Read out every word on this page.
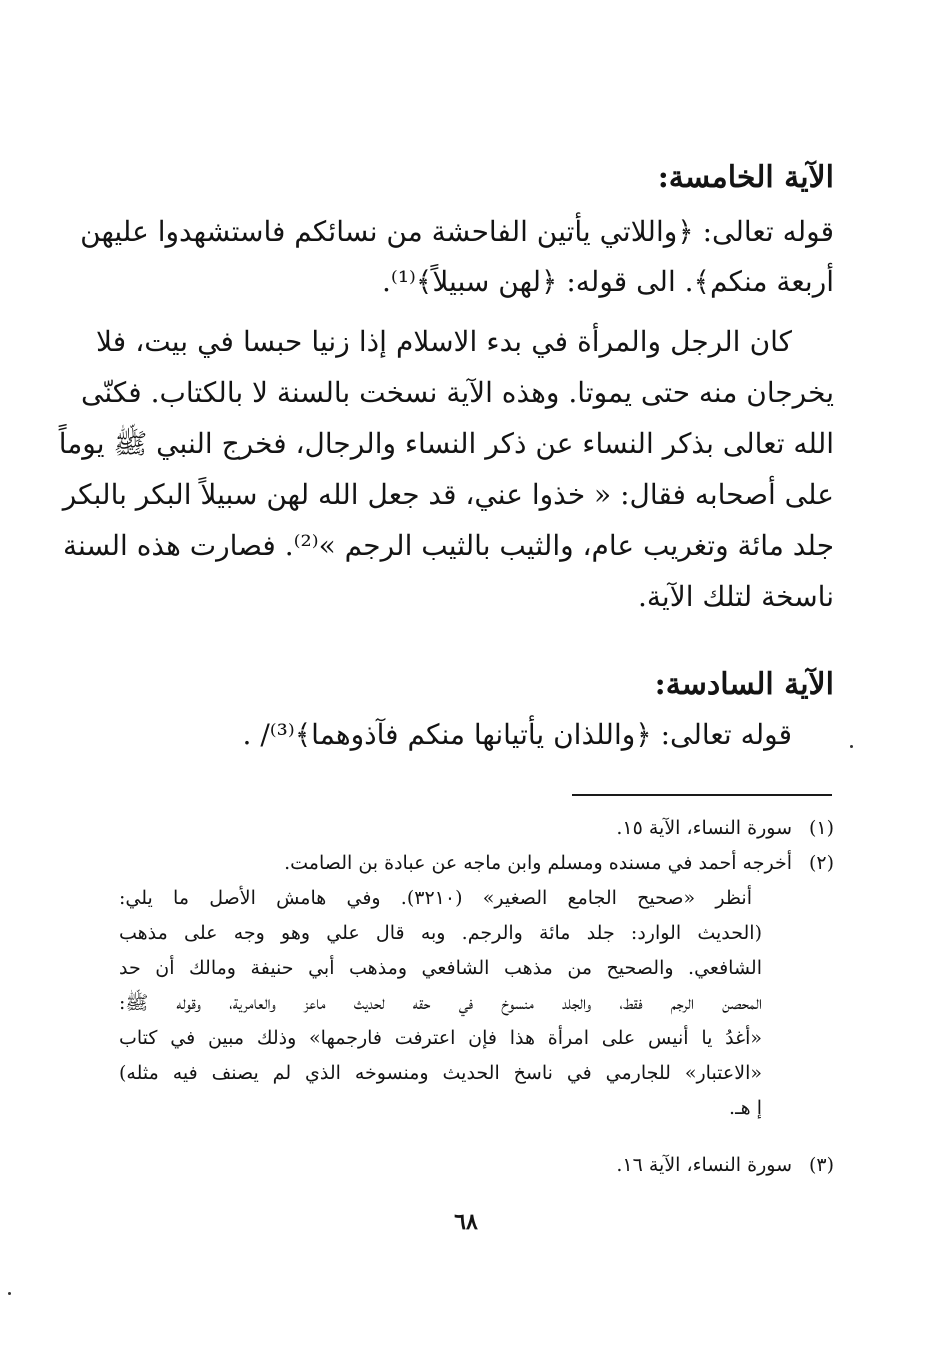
الآية الخامسة:
قوله تعالى: ﴿واللاتي يأتين الفاحشة من نسائكم فاستشهدوا عليهن
أربعة منكم﴾. الى قوله: ﴿لهن سبيلاً﴾⁽¹⁾.
كان الرجل والمرأة في بدء الاسلام إذا زنيا حبسا في بيت، فلا
يخرجان منه حتى يموتا. وهذه الآية نسخت بالسنة لا بالكتاب. فكنّى
الله تعالى بذكر النساء عن ذكر النساء والرجال، فخرج النبي ﷺ يوماً
على أصحابه فقال: « خذوا عني، قد جعل الله لهن سبيلاً البكر بالبكر
جلد مائة وتغريب عام، والثيب بالثيب الرجم »⁽²⁾. فصارت هذه السنة
ناسخة لتلك الآية.
الآية السادسة:
قوله تعالى: ﴿واللذان يأتيانها منكم فآذوهما﴾⁽³⁾/ .
(١)
سورة النساء، الآية ١٥.
(٢)
أخرجه أحمد في مسنده ومسلم وابن ماجه عن عبادة بن الصامت.
أنظر «صحيح الجامع الصغير» (٣٢١٠). وفي هامش الأصل ما يلي:
(الحديث الوارد: جلد مائة والرجم. وبه قال علي وهو وجه على مذهب
الشافعي. والصحيح من مذهب الشافعي ومذهب أبي حنيفة ومالك أن حد
المحصن الرجم فقط، والجلد منسوخ في حقه لحديث ماعز والعامرية، وقوله ﷺ:
«أغدُ يا أنيس على امرأة هذا فإن اعترفت فارجمها» وذلك مبين في كتاب
«الاعتبار» للجارمي في ناسخ الحديث ومنسوخه الذي لم يصنف فيه مثله)
إ هـ.
(٣)
سورة النساء، الآية ١٦.
٦٨
